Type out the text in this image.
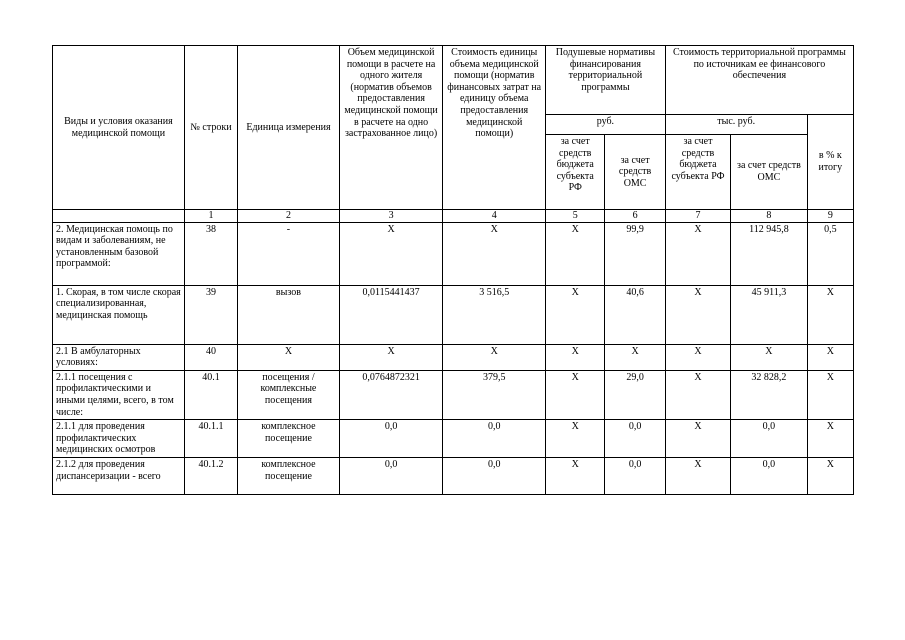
Виды и условия оказания медицинской помощи	№ строки	Единица измерения	Объем медицинской помощи в расчете на одного жителя (норматив объемов предоставления медицинской помощи в расчете на одно застрахованное лицо)	Стоимость единицы объема медицинской помощи (норматив финансовых затрат на единицу объема предоставления медицинской помощи)	Подушевые нормативы финансирования территориальной программы		Стоимость территориальной программы по источникам ее финансового обеспечения		
					руб.		тыс. руб.		в % к итогу
					за счет средств бюджета субъекта РФ	за счет средств ОМС	за счет средств бюджета субъекта РФ	за счет средств ОМС	
	1	2	3	4	5	6	7	8	9
2. Медицинская помощь по видам и заболеваниям, не установленным базовой программой:	38	-	X	X	X	99,9	X	112 945,8	0,5
1. Скорая, в том числе скорая специализированная, медицинская помощь	39	вызов	0,0115441437	3 516,5	X	40,6	X	45 911,3	X
2.1 В амбулаторных условиях:	40	X	X	X	X	X	X	X	X
2.1.1 посещения с профилактическими и иными целями, всего, в том числе:	40.1	посещения / комплексные посещения	0,0764872321	379,5	X	29,0	X	32 828,2	X
2.1.1 для проведения профилактических медицинских осмотров	40.1.1	комплексное посещение	0,0	0,0	X	0,0	X	0,0	X
2.1.2 для проведения диспансеризации - всего	40.1.2	комплексное посещение	0,0	0,0	X	0,0	X	0,0	X
